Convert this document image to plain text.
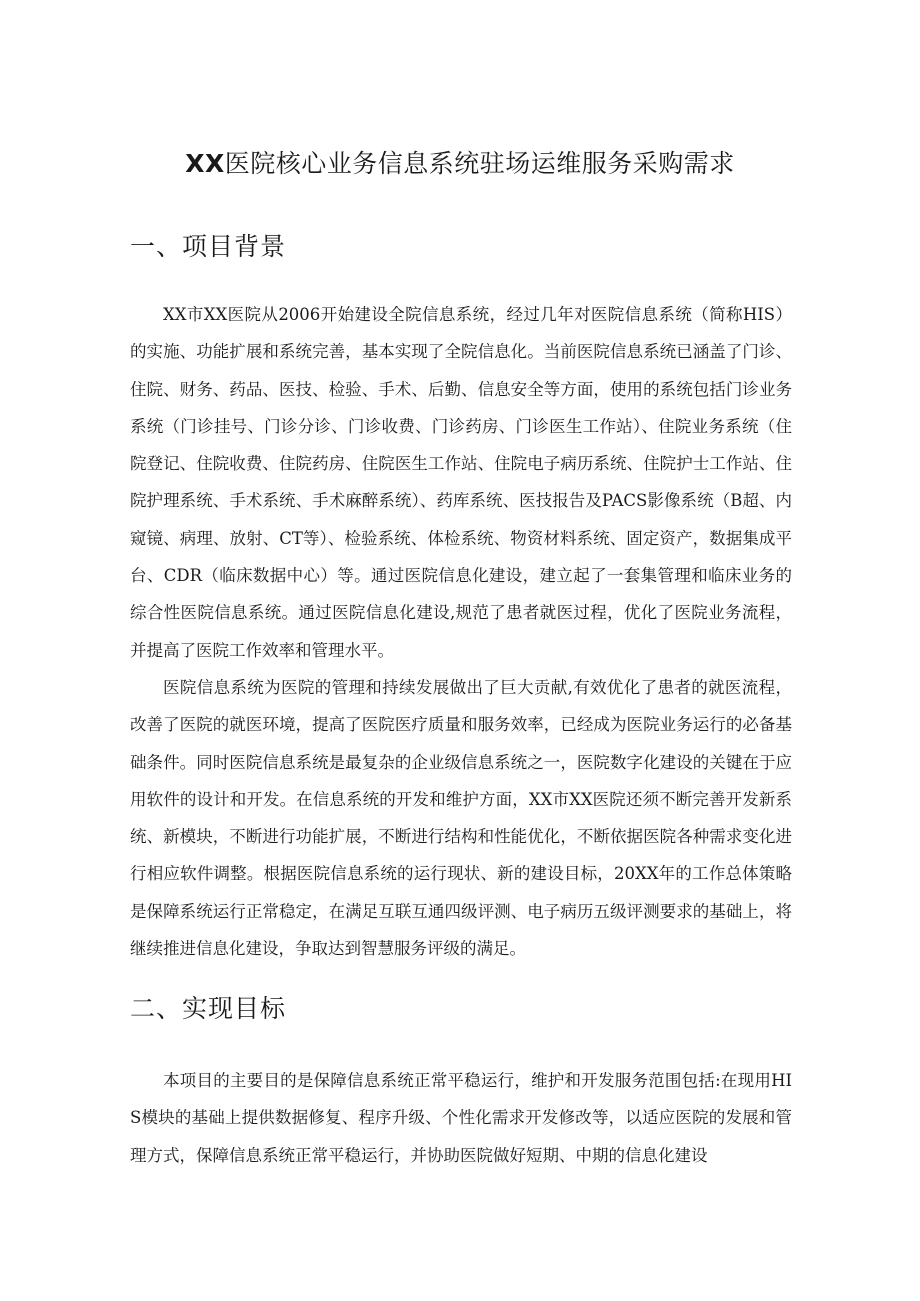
XX医院核心业务信息系统驻场运维服务采购需求
一、项目背景

XX市XX医院从2006开始建设全院信息系统，经过几年对医院信息系统（简称HIS）的实施、功能扩展和系统完善，基本实现了全院信息化。当前医院信息系统已涵盖了门诊、住院、财务、药品、医技、检验、手术、后勤、信息安全等方面，使用的系统包括门诊业务系统（门诊挂号、门诊分诊、门诊收费、门诊药房、门诊医生工作站）、住院业务系统（住院登记、住院收费、住院药房、住院医生工作站、住院电子病历系统、住院护士工作站、住院护理系统、手术系统、手术麻醉系统）、药库系统、医技报告及PACS影像系统（B超、内窥镜、病理、放射、CT等）、检验系统、体检系统、物资材料系统、固定资产，数据集成平台、CDR（临床数据中心）等。通过医院信息化建设，建立起了一套集管理和临床业务的综合性医院信息系统。通过医院信息化建设,规范了患者就医过程，优化了医院业务流程，并提高了医院工作效率和管理水平。

医院信息系统为医院的管理和持续发展做出了巨大贡献,有效优化了患者的就医流程，改善了医院的就医环境，提高了医院医疗质量和服务效率，已经成为医院业务运行的必备基础条件。同时医院信息系统是最复杂的企业级信息系统之一，医院数字化建设的关键在于应用软件的设计和开发。在信息系统的开发和维护方面，XX市XX医院还须不断完善开发新系统、新模块，不断进行功能扩展，不断进行结构和性能优化，不断依据医院各种需求变化进行相应软件调整。根据医院信息系统的运行现状、新的建设目标，20XX年的工作总体策略是保障系统运行正常稳定，在满足互联互通四级评测、电子病历五级评测要求的基础上，将继续推进信息化建设，争取达到智慧服务评级的满足。

二、实现目标

本项目的主要目的是保障信息系统正常平稳运行，维护和开发服务范围包括:在现用HIS模块的基础上提供数据修复、程序升级、个性化需求开发修改等，以适应医院的发展和管理方式，保障信息系统正常平稳运行，并协助医院做好短期、中期的信息化建设
